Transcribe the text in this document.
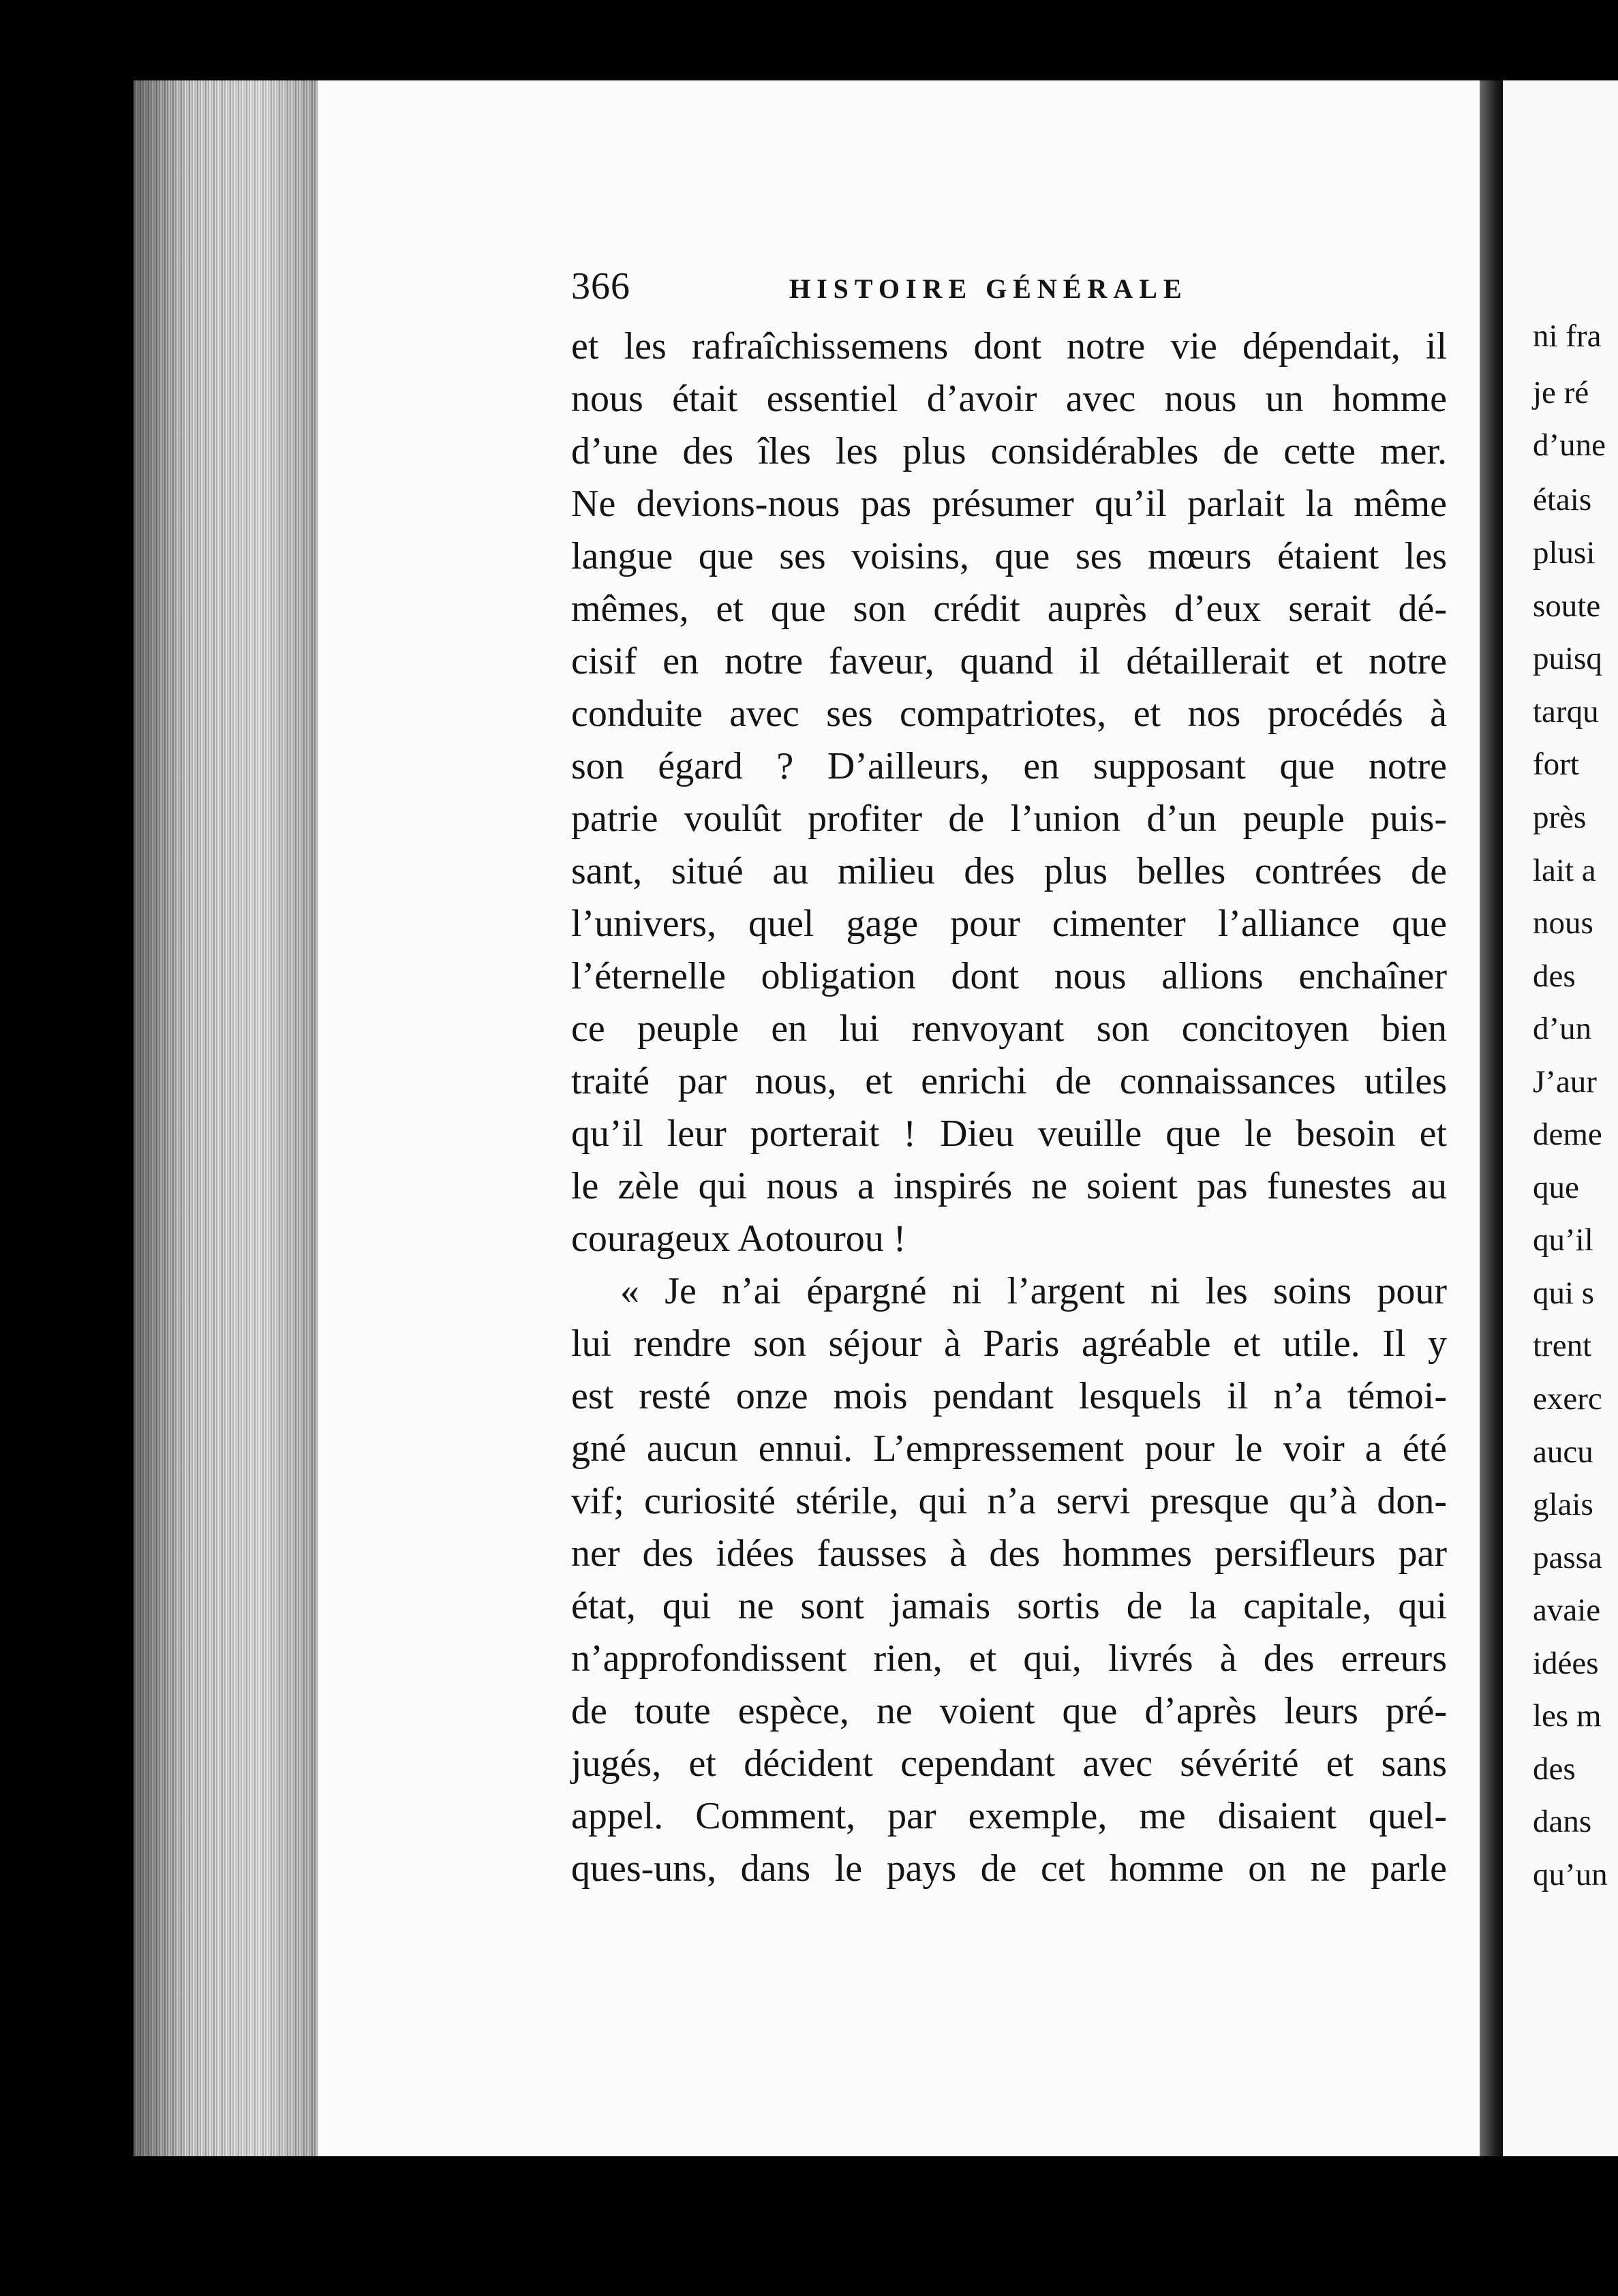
ni fra
je ré
d’une
étais
plusi
soute
puisq
tarqu
fort
près
lait a
nous
des
d’un
J’aur
deme
que
qu’il
qui s
trent
exerc
aucu
glais
passa
avaie
idées
les m
des
dans
qu’un
366	HISTOIRE GÉNÉRALE
et les rafraîchissemens dont notre vie dépendait, il
nous était essentiel d’avoir avec nous un homme
d’une des îles les plus considérables de cette mer.
Ne devions-nous pas présumer qu’il parlait la même
langue que ses voisins, que ses mœurs étaient les
mêmes, et que son crédit auprès d’eux serait dé-
cisif en notre faveur, quand il détaillerait et notre
conduite avec ses compatriotes, et nos procédés à
son égard ? D’ailleurs, en supposant que notre
patrie voulût profiter de l’union d’un peuple puis-
sant, situé au milieu des plus belles contrées de
l’univers, quel gage pour cimenter l’alliance que
l’éternelle obligation dont nous allions enchaîner
ce peuple en lui renvoyant son concitoyen bien
traité par nous, et enrichi de connaissances utiles
qu’il leur porterait ! Dieu veuille que le besoin et
le zèle qui nous a inspirés ne soient pas funestes au
courageux Aotourou !
« Je n’ai épargné ni l’argent ni les soins pour
lui rendre son séjour à Paris agréable et utile. Il y
est resté onze mois pendant lesquels il n’a témoi-
gné aucun ennui. L’empressement pour le voir a été
vif; curiosité stérile, qui n’a servi presque qu’à don-
ner des idées fausses à des hommes persifleurs par
état, qui ne sont jamais sortis de la capitale, qui
n’approfondissent rien, et qui, livrés à des erreurs
de toute espèce, ne voient que d’après leurs pré-
jugés, et décident cependant avec sévérité et sans
appel. Comment, par exemple, me disaient quel-
ques-uns, dans le pays de cet homme on ne parle
